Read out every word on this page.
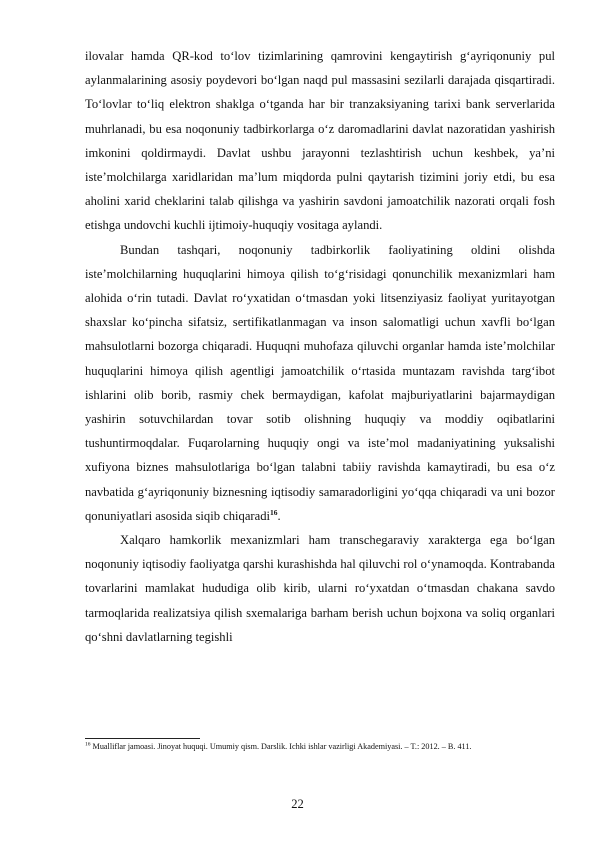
ilovalar hamda QR-kod to‘lov tizimlarining qamrovini kengaytirish g‘ayriqonuniy pul aylanmalarining asosiy poydevori bo‘lgan naqd pul massasini sezilarli darajada qisqartiradi. To‘lovlar to‘liq elektron shaklga o‘tganda har bir tranzaksiyaning tarixi bank serverlarida muhrlanadi, bu esa noqonuniy tadbirkorlarga o‘z daromadlarini davlat nazoratidan yashirish imkonini qoldirmaydi. Davlat ushbu jarayonni tezlashtirish uchun keshbek, ya’ni iste’molchilarga xaridlaridan ma’lum miqdorda pulni qaytarish tizimini joriy etdi, bu esa aholini xarid cheklarini talab qilishga va yashirin savdoni jamoatchilik nazorati orqali fosh etishga undovchi kuchli ijtimoiy-huquqiy vositaga aylandi.

Bundan tashqari, noqonuniy tadbirkorlik faoliyatining oldini olishda iste’molchilarning huquqlarini himoya qilish to‘g‘risidagi qonunchilik mexanizmlari ham alohida o‘rin tutadi. Davlat ro‘yxatidan o‘tmasdan yoki litsenziyasiz faoliyat yuritayotgan shaxslar ko‘pincha sifatsiz, sertifikatlanmagan va inson salomatligi uchun xavfli bo‘lgan mahsulotlarni bozorga chiqaradi. Huquqni muhofaza qiluvchi organlar hamda iste’molchilar huquqlarini himoya qilish agentligi jamoatchilik o‘rtasida muntazam ravishda targ‘ibot ishlarini olib borib, rasmiy chek bermaydigan, kafolat majburiyatlarini bajarmaydigan yashirin sotuvchilardan tovar sotib olishning huquqiy va moddiy oqibatlarini tushuntirmoqdalar. Fuqarolarning huquqiy ongi va iste’mol madaniyatining yuksalishi xufiyona biznes mahsulotlariga bo‘lgan talabni tabiiy ravishda kamaytiradi, bu esa o‘z navbatida g‘ayriqonuniy biznesning iqtisodiy samaradorligini yo‘qqa chiqaradi va uni bozor qonuniyatlari asosida siqib chiqaradi$^{16}$.

Xalqaro hamkorlik mexanizmlari ham transchegaraviy xarakterga ega bo‘lgan noqonuniy iqtisodiy faoliyatga qarshi kurashishda hal qiluvchi rol o‘ynamoqda. Kontrabanda tovarlarini mamlakat hududiga olib kirib, ularni ro‘yxatdan o‘tmasdan chakana savdo tarmoqlarida realizatsiya qilish sxemalariga barham berish uchun bojxona va soliq organlari qo‘shni davlatlarning tegishli

$^{16}$ Mualliflar jamoasi. Jinoyat huquqi. Umumiy qism. Darslik. Ichki ishlar vazirligi Akademiyasi. – T.: 2012. – B. 411.
22
